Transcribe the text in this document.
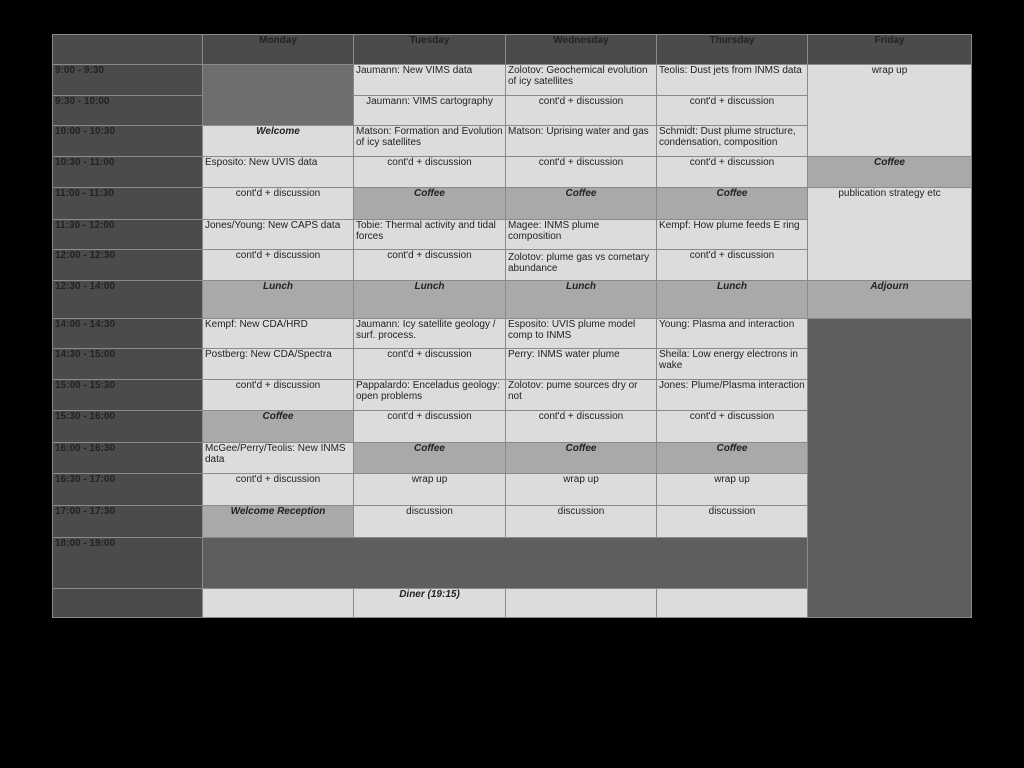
	Monday	Tuesday	Wednesday	Thursday	Friday	
9:00 - 9:30		Jaumann: New VIMS data	Zolotov: Geochemical evolution of icy satellites	Teolis: Dust jets from INMS data	wrap up	
9:30 - 10:00		Jaumann: VIMS cartography	cont'd + discussion	cont'd + discussion		
10:00 - 10:30	Welcome	Matson: Formation and Evolution of icy satellites	Matson: Uprising water and gas	Schmidt: Dust plume structure, condensation, composition		
10:30 - 11:00	Esposito: New UVIS data	cont'd + discussion	cont'd + discussion	cont'd + discussion	Coffee	
11:00 - 11:30	cont'd + discussion	Coffee	Coffee	Coffee	publication strategy etc	
11:30 - 12:00	Jones/Young: New CAPS data	Tobie: Thermal activity and tidal forces	Magee: INMS plume composition	Kempf: How plume feeds E ring		
12:00 - 12:30	cont'd + discussion	cont'd + discussion	Zolotov: plume gas vs cometary abundance	cont'd + discussion		
12:30 - 14:00	Lunch	Lunch	Lunch	Lunch	Adjourn	
14:00 - 14:30	Kempf: New CDA/HRD	Jaumann: Icy satellite geology / surf. process.	Esposito: UVIS plume model comp to INMS	Young: Plasma and interaction		
14:30 - 15:00	Postberg: New CDA/Spectra	cont'd + discussion	Perry: INMS water plume	Sheila: Low energy electrons in wake		
15:00 - 15:30	cont'd + discussion	Pappalardo: Enceladus geology: open problems	Zolotov: pume sources dry or not	Jones: Plume/Plasma interaction		
15:30 - 16:00	Coffee	cont'd + discussion	cont'd + discussion	cont'd + discussion		
16:00 - 16:30	McGee/Perry/Teolis: New INMS data	Coffee	Coffee	Coffee		
16:30 - 17:00	cont'd + discussion	wrap up	wrap up	wrap up		
17:00 - 17:30	Welcome Reception	discussion	discussion	discussion		
18:00 - 19:00						
		Diner (19:15)				
